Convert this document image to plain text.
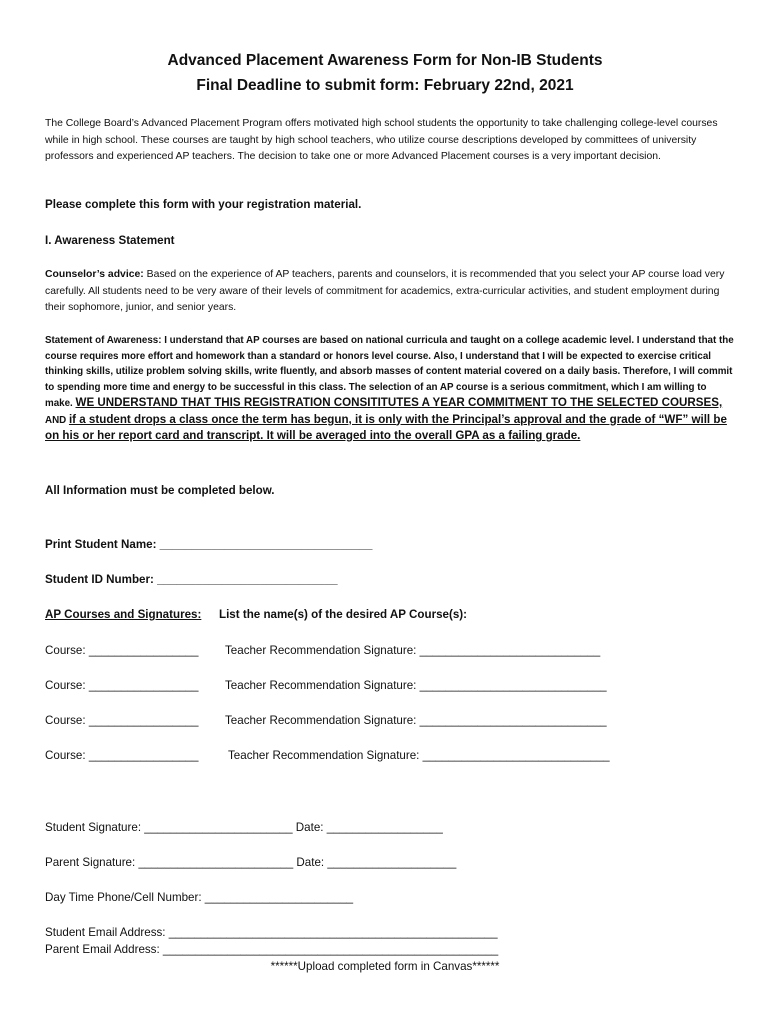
Advanced Placement Awareness Form for Non-IB Students
Final Deadline to submit form: February 22nd, 2021
The College Board’s Advanced Placement Program offers motivated high school students the opportunity to take challenging college-level courses while in high school. These courses are taught by high school teachers, who utilize course descriptions developed by committees of university professors and experienced AP teachers. The decision to take one or more Advanced Placement courses is a very important decision.
Please complete this form with your registration material.
I. Awareness Statement
Counselor’s advice: Based on the experience of AP teachers, parents and counselors, it is recommended that you select your AP course load very carefully. All students need to be very aware of their levels of commitment for academics, extra-curricular activities, and student employment during their sophomore, junior, and senior years.
Statement of Awareness: I understand that AP courses are based on national curricula and taught on a college academic level. I understand that the course requires more effort and homework than a standard or honors level course. Also, I understand that I will be expected to exercise critical thinking skills, utilize problem solving skills, write fluently, and absorb masses of content material covered on a daily basis. Therefore, I will commit to spending more time and energy to be successful in this class. The selection of an AP course is a serious commitment, which I am willing to make. WE UNDERSTAND THAT THIS REGISTRATION CONSITITUTES A YEAR COMMITMENT TO THE SELECTED COURSES, AND if a student drops a class once the term has begun, it is only with the Principal’s approval and the grade of “WF” will be on his or her report card and transcript. It will be averaged into the overall GPA as a failing grade.
All Information must be completed below.
Print Student Name: _________________________________
Student ID Number: ____________________________
AP Courses and Signatures: List the name(s) of the desired AP Course(s):
Course: _________________ Teacher Recommendation Signature: ____________________________
Course: _________________ Teacher Recommendation Signature: _____________________________
Course: _________________ Teacher Recommendation Signature: _____________________________
Course: _________________	Teacher Recommendation Signature: _____________________________
Student Signature: _______________________ Date: __________________
Parent Signature: ________________________ Date: ____________________
Day Time Phone/Cell Number: _______________________
Student Email Address: ___________________________________________________
Parent Email Address: ____________________________________________________
******Upload completed form in Canvas******
